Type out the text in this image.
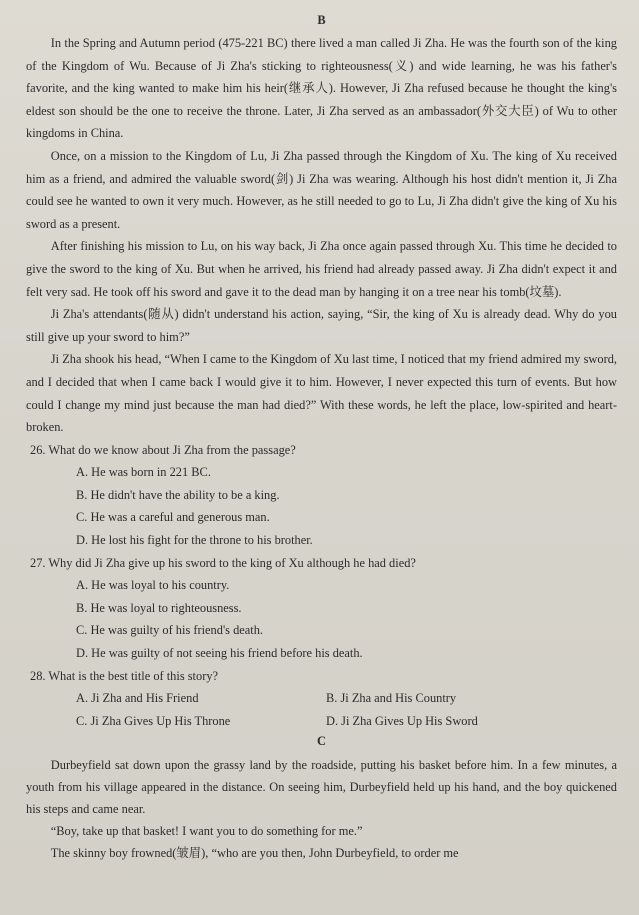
B

In the Spring and Autumn period (475-221 BC) there lived a man called Ji Zha. He was the fourth son of the king of the Kingdom of Wu. Because of Ji Zha's sticking to righteousness(义) and wide learning, he was his father's favorite, and the king wanted to make him his heir(继承人). However, Ji Zha refused because he thought the king's eldest son should be the one to receive the throne. Later, Ji Zha served as an ambassador(外交大臣) of Wu to other kingdoms in China.

Once, on a mission to the Kingdom of Lu, Ji Zha passed through the Kingdom of Xu. The king of Xu received him as a friend, and admired the valuable sword(剑) Ji Zha was wearing. Although his host didn't mention it, Ji Zha could see he wanted to own it very much. However, as he still needed to go to Lu, Ji Zha didn't give the king of Xu his sword as a present.

After finishing his mission to Lu, on his way back, Ji Zha once again passed through Xu. This time he decided to give the sword to the king of Xu. But when he arrived, his friend had already passed away. Ji Zha didn't expect it and felt very sad. He took off his sword and gave it to the dead man by hanging it on a tree near his tomb(坟墓).

Ji Zha's attendants(随从) didn't understand his action, saying, “Sir, the king of Xu is already dead. Why do you still give up your sword to him?”

Ji Zha shook his head, “When I came to the Kingdom of Xu last time, I noticed that my friend admired my sword, and I decided that when I came back I would give it to him. However, I never expected this turn of events. But how could I change my mind just because the man had died?” With these words, he left the place, low-spirited and heart-broken.

26. What do we know about Ji Zha from the passage?
A. He was born in 221 BC.
B. He didn't have the ability to be a king.
C. He was a careful and generous man.
D. He lost his fight for the throne to his brother.
27. Why did Ji Zha give up his sword to the king of Xu although he had died?
A. He was loyal to his country.
B. He was loyal to righteousness.
C. He was guilty of his friend's death.
D. He was guilty of not seeing his friend before his death.
28. What is the best title of this story?
A. Ji Zha and His Friend	B. Ji Zha and His Country
C. Ji Zha Gives Up His Throne	D. Ji Zha Gives Up His Sword
C

Durbeyfield sat down upon the grassy land by the roadside, putting his basket before him. In a few minutes, a youth from his village appeared in the distance. On seeing him, Durbeyfield held up his hand, and the boy quickened his steps and came near.

“Boy, take up that basket! I want you to do something for me.”

The skinny boy frowned(皱眉), “who are you then, John Durbeyfield, to order me
